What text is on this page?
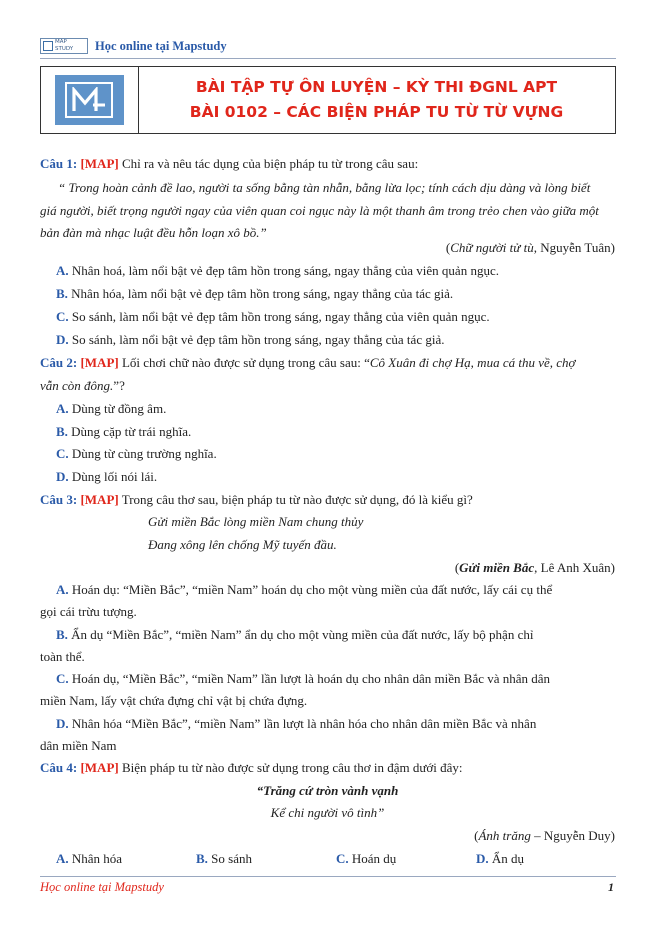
MAP
STUDY	Học online tại Mapstudy
BÀI TẬP TỰ ÔN LUYỆN – KỲ THI ĐGNL APT
BÀI 0102 – CÁC BIỆN PHÁP TU TỪ TỪ VỰNG
Câu 1: [MAP] Chỉ ra và nêu tác dụng của biện pháp tu từ trong câu sau:
“ Trong hoàn cảnh đề lao, người ta sống bằng tàn nhẫn, bằng lừa lọc; tính cách dịu dàng và lòng biết
giá người, biết trọng người ngay của viên quan coi ngục này là một thanh âm trong trẻo chen vào giữa một
bản đàn mà nhạc luật đều hỗn loạn xô bồ.”
(Chữ người tử tù, Nguyễn Tuân)
A. Nhân hoá, làm nổi bật vẻ đẹp tâm hồn trong sáng, ngay thẳng của viên quản ngục.
B. Nhân hóa, làm nổi bật vẻ đẹp tâm hồn trong sáng, ngay thẳng của tác giả.
C. So sánh, làm nổi bật vẻ đẹp tâm hồn trong sáng, ngay thẳng của viên quản ngục.
D. So sánh, làm nổi bật vẻ đẹp tâm hồn trong sáng, ngay thẳng của tác giả.
Câu 2: [MAP] Lối chơi chữ nào được sử dụng trong câu sau: “Cô Xuân đi chợ Hạ, mua cá thu về, chợ
vẫn còn đông.”?
A. Dùng từ đồng âm.
B. Dùng cặp từ trái nghĩa.
C. Dùng từ cùng trường nghĩa.
D. Dùng lối nói lái.
Câu 3: [MAP] Trong câu thơ sau, biện pháp tu từ nào được sử dụng, đó là kiểu gì?
Gửi miền Bắc lòng miền Nam chung thủy
Đang xông lên chống Mỹ tuyến đầu.
(Gửi miền Bắc, Lê Anh Xuân)
A. Hoán dụ: “Miền Bắc”, “miền Nam” hoán dụ cho một vùng miền của đất nước, lấy cái cụ thể
gọi cái trừu tượng.
B. Ẩn dụ “Miền Bắc”, “miền Nam” ẩn dụ cho một vùng miền của đất nước, lấy bộ phận chỉ
toàn thể.
C. Hoán dụ, “Miền Bắc”, “miền Nam” lần lượt là hoán dụ cho nhân dân miền Bắc và nhân dân
miền Nam, lấy vật chứa đựng chỉ vật bị chứa đựng.
D. Nhân hóa “Miền Bắc”, “miền Nam” lần lượt là nhân hóa cho nhân dân miền Bắc và nhân
dân miền Nam
Câu 4: [MAP] Biện pháp tu từ nào được sử dụng trong câu thơ in đậm dưới đây:
“Trăng cứ tròn vành vạnh
Kể chi người vô tình”
(Ánh trăng – Nguyễn Duy)
A. Nhân hóa	B. So sánh	C. Hoán dụ	D. Ẩn dụ
Học online tại Mapstudy	1
